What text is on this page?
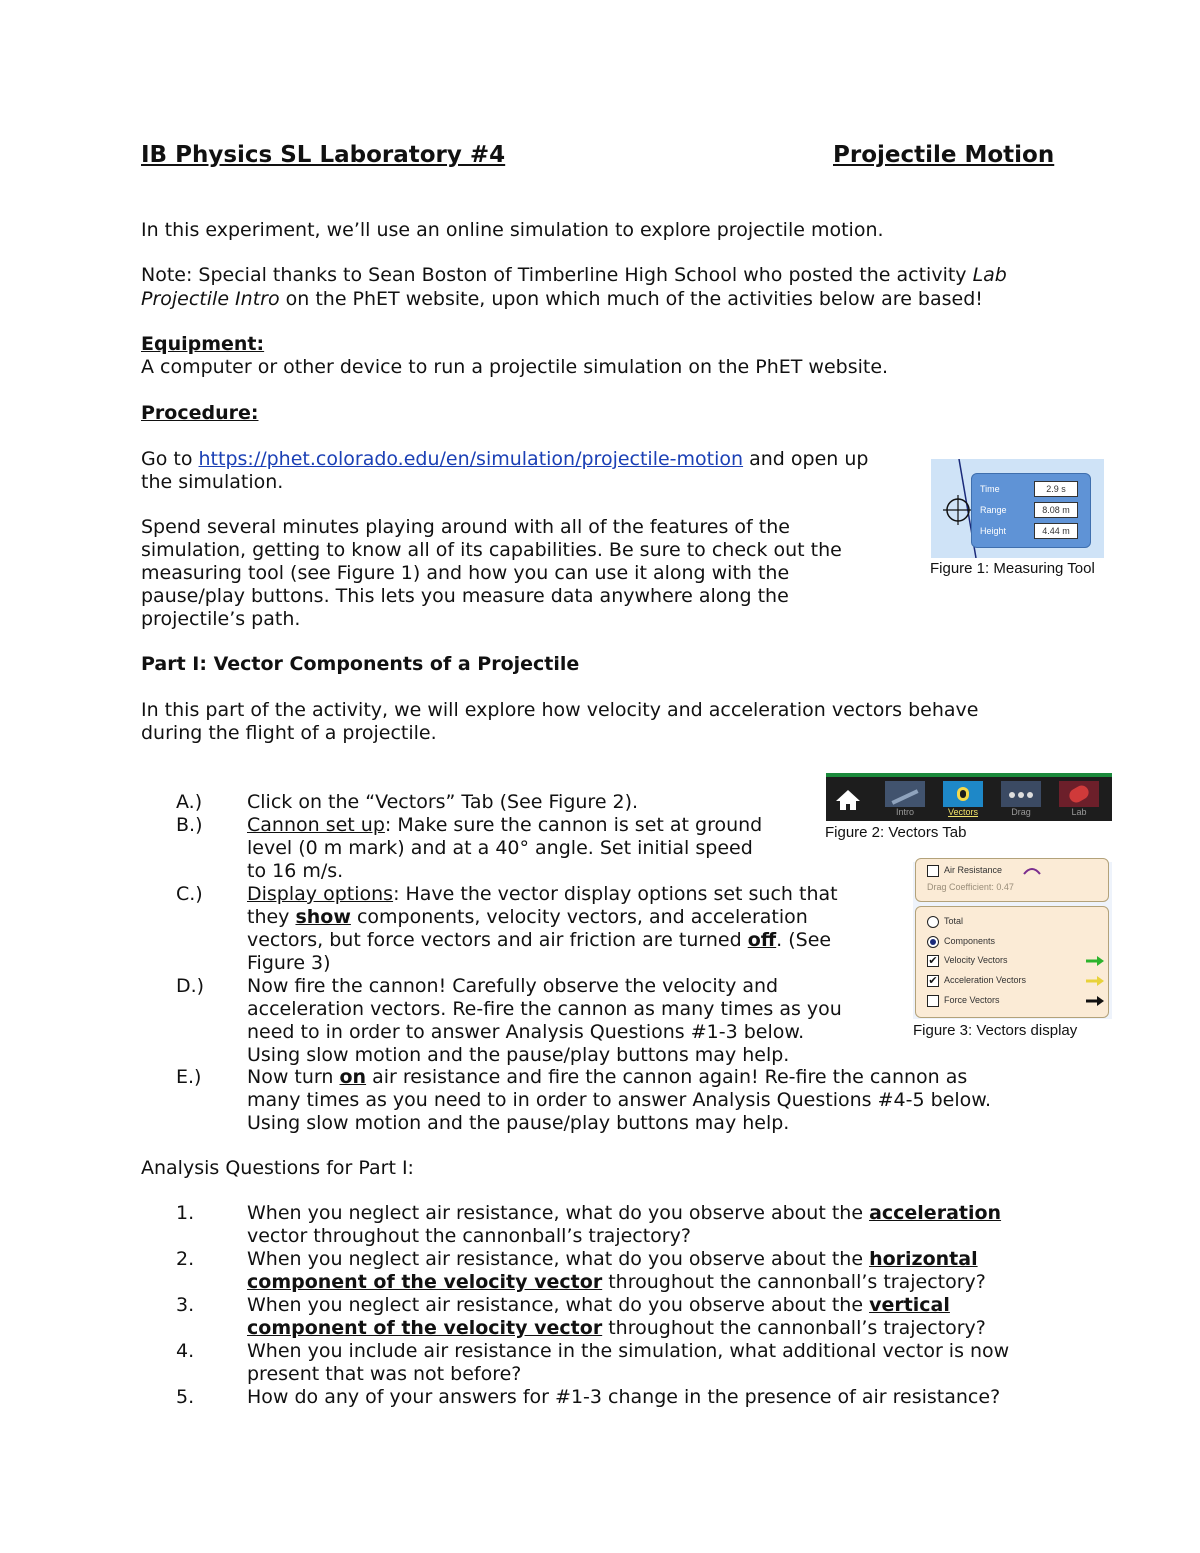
IB Physics SL Laboratory #4	Projectile Motion
In this experiment, we’ll use an online simulation to explore projectile motion.
Note: Special thanks to Sean Boston of Timberline High School who posted the activity Lab
Projectile Intro on the PhET website, upon which much of the activities below are based!
Equipment:
A computer or other device to run a projectile simulation on the PhET website.
Procedure:
Go to https://phet.colorado.edu/en/simulation/projectile-motion and open up
the simulation.
Spend several minutes playing around with all of the features of the
simulation, getting to know all of its capabilities. Be sure to check out the
measuring tool (see Figure 1) and how you can use it along with the
pause/play buttons. This lets you measure data anywhere along the
projectile’s path.
Time	2.9 s
Range	8.08 m
Height	4.44 m
Figure 1: Measuring Tool
Part I: Vector Components of a Projectile
In this part of the activity, we will explore how velocity and acceleration vectors behave
during the flight of a projectile.
Intro	Vectors	Drag	Lab
Figure 2: Vectors Tab
Air Resistance
Drag Coefficient: 0.47
Total
Components
✔ Velocity Vectors
✔ Acceleration Vectors
Force Vectors
Figure 3: Vectors display
A.) Click on the “Vectors” Tab (See Figure 2).
B.) Cannon set up: Make sure the cannon is set at ground
level (0 m mark) and at a 40° angle. Set initial speed
to 16 m/s.
C.) Display options: Have the vector display options set such that
they show components, velocity vectors, and acceleration
vectors, but force vectors and air friction are turned off. (See
Figure 3)
D.) Now fire the cannon! Carefully observe the velocity and
acceleration vectors. Re-fire the cannon as many times as you
need to in order to answer Analysis Questions #1-3 below.
Using slow motion and the pause/play buttons may help.
E.) Now turn on air resistance and fire the cannon again! Re-fire the cannon as
many times as you need to in order to answer Analysis Questions #4-5 below.
Using slow motion and the pause/play buttons may help.
Analysis Questions for Part I:
1.	When you neglect air resistance, what do you observe about the acceleration
vector throughout the cannonball’s trajectory?
2.	When you neglect air resistance, what do you observe about the horizontal
component of the velocity vector throughout the cannonball’s trajectory?
3.	When you neglect air resistance, what do you observe about the vertical
component of the velocity vector throughout the cannonball’s trajectory?
4.	When you include air resistance in the simulation, what additional vector is now
present that was not before?
5.	How do any of your answers for #1-3 change in the presence of air resistance?
